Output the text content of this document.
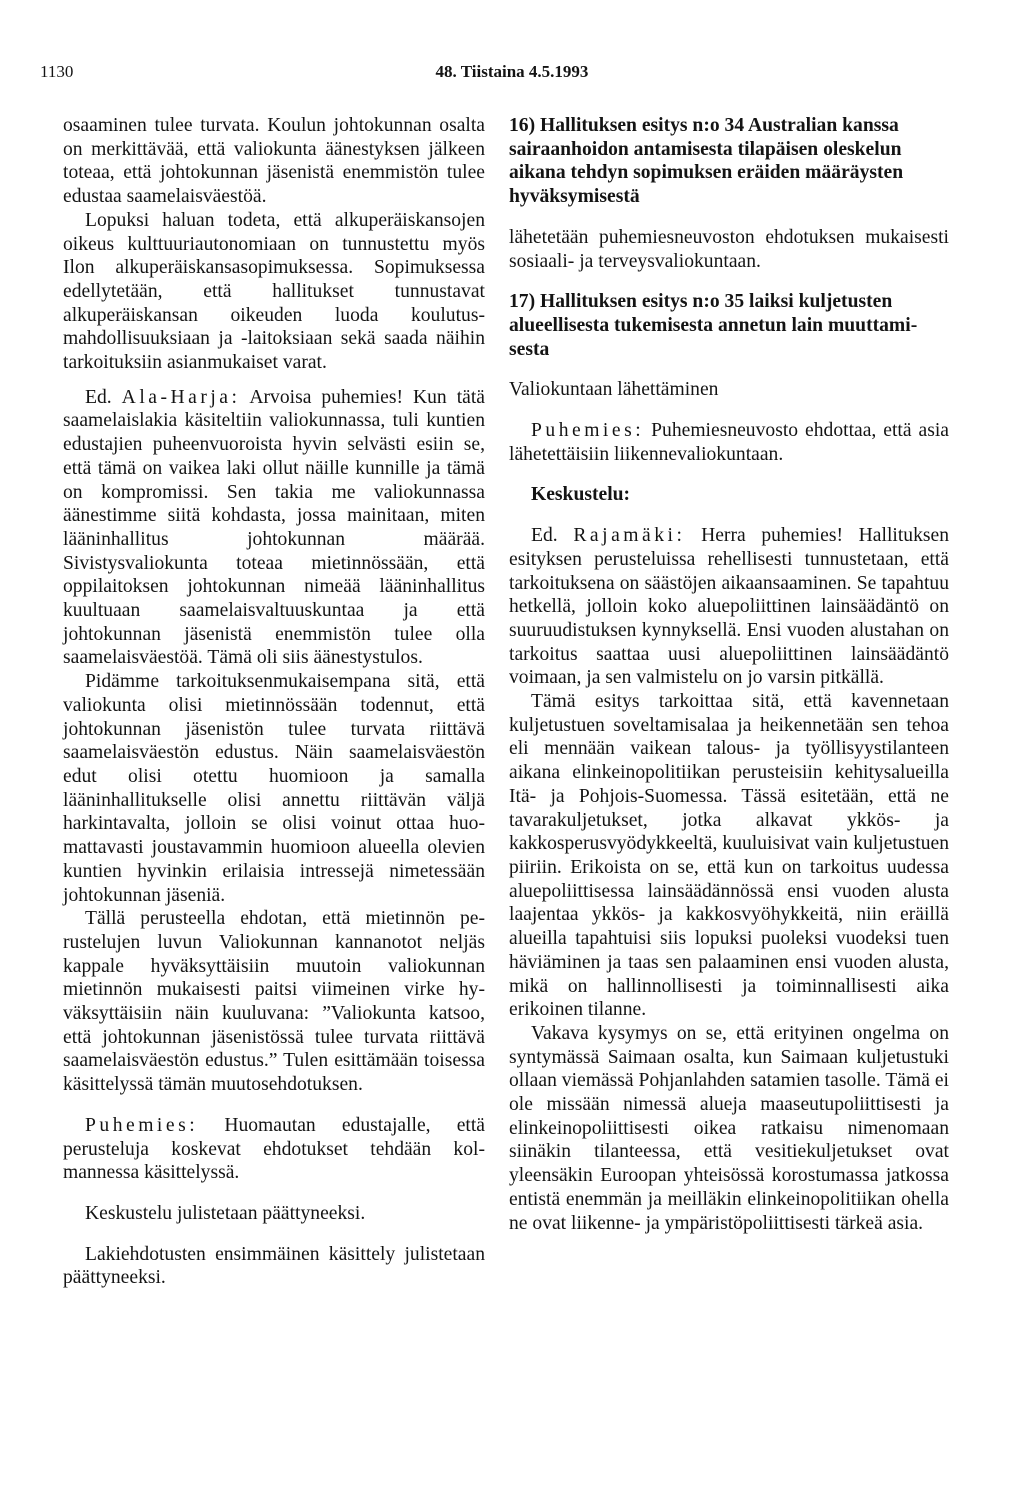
1130	48. Tiistaina 4.5.1993

osaaminen tulee turvata. Koulun johtokunnan osalta on merkittävää, että valiokunta äänestyksen jälkeen toteaa, että johtokunnan jäsenistä enemmistön tulee edustaa saamelaisväestöä.

Lopuksi haluan todeta, että alkuperäiskansojen oikeus kulttuuriautonomiaan on tunnustettu myös Ilon alkuperäiskansasopimuksessa. Sopimuksessa edellytetään, että hallitukset tunnustavat alkuperäiskansan oikeuden luoda koulutusmahdollisuuksiaan ja -laitoksiaan sekä saada näihin tarkoituksiin asianmukaiset varat.

Ed. Ala-Harja: Arvoisa puhemies! Kun tätä saamelaislakia käsiteltiin valiokunnassa, tuli kuntien edustajien puheenvuoroista hyvin selvästi esiin se, että tämä on vaikea laki ollut näille kunnille ja tämä on kompromissi. Sen takia me valiokunnassa äänestimme siitä kohdasta, jossa mainitaan, miten lääninhallitus johtokunnan määrää. Sivistysvaliokunta toteaa mietinnössään, että oppilaitoksen johtokunnan nimeää lääninhallitus kuultuaan saamelaisvaltuuskuntaa ja että johtokunnan jäsenistä enemmistön tulee olla saamelaisväestöä. Tämä oli siis äänestystulos.

Pidämme tarkoituksenmukaisempana sitä, että valiokunta olisi mietinnössään todennut, että johtokunnan jäsenistön tulee turvata riittävä saamelaisväestön edustus. Näin saamelaisväestön edut olisi otettu huomioon ja samalla lääninhallitukselle olisi annettu riittävän väljä harkintavalta, jolloin se olisi voinut ottaa huomattavasti joustavammin huomioon alueella olevien kuntien hyvinkin erilaisia intressejä nimetessään johtokunnan jäseniä.

Tällä perusteella ehdotan, että mietinnön perustelujen luvun Valiokunnan kannanotot neljäs kappale hyväksyttäisiin muutoin valiokunnan mietinnön mukaisesti paitsi viimeinen virke hyväksyttäisiin näin kuuluvana: ”Valiokunta katsoo, että johtokunnan jäsenistössä tulee turvata riittävä saamelaisväestön edustus.” Tulen esittämään toisessa käsittelyssä tämän muutosehdotuksen.

Puhemies: Huomautan edustajalle, että perusteluja koskevat ehdotukset tehdään kolmannessa käsittelyssä.

Keskustelu julistetaan päättyneeksi.

Lakiehdotusten ensimmäinen käsittely julistetaan päättyneeksi.

16) Hallituksen esitys n:o 34 Australian kanssa sairaanhoidon antamisesta tilapäisen oleskelun aikana tehdyn sopimuksen eräiden määräysten hyväksymisestä

lähetetään puhemiesneuvoston ehdotuksen mukaisesti sosiaali- ja terveysvaliokuntaan.

17) Hallituksen esitys n:o 35 laiksi kuljetusten alueellisesta tukemisesta annetun lain muuttamisesta

Valiokuntaan lähettäminen

Puhemies: Puhemiesneuvosto ehdottaa, että asia lähetettäisiin liikennevaliokuntaan.

Keskustelu:

Ed. Rajamäki: Herra puhemies! Hallituksen esityksen perusteluissa rehellisesti tunnustetaan, että tarkoituksena on säästöjen aikaansaaminen. Se tapahtuu hetkellä, jolloin koko aluepoliittinen lainsäädäntö on suuruudistuksen kynnyksellä. Ensi vuoden alustahan on tarkoitus saattaa uusi aluepoliittinen lainsäädäntö voimaan, ja sen valmistelu on jo varsin pitkällä.

Tämä esitys tarkoittaa sitä, että kavennetaan kuljetustuen soveltamisalaa ja heikennetään sen tehoa eli mennään vaikean talous- ja työllisyystilanteen aikana elinkeinopolitiikan perusteisiin kehitysalueilla Itä- ja Pohjois-Suomessa. Tässä esitetään, että ne tavarakuljetukset, jotka alkavat ykkös- ja kakkosperusvyödykkeeltä, kuuluisivat vain kuljetustuen piiriin. Erikoista on se, että kun on tarkoitus uudessa aluepoliittisessa lainsäädännössä ensi vuoden alusta laajentaa ykkös- ja kakkosvyöhykkeitä, niin eräillä alueilla tapahtuisi siis lopuksi puoleksi vuodeksi tuen häviäminen ja taas sen palaaminen ensi vuoden alusta, mikä on hallinnollisesti ja toiminnallisesti aika erikoinen tilanne.

Vakava kysymys on se, että erityinen ongelma on syntymässä Saimaan osalta, kun Saimaan kuljetustuki ollaan viemässä Pohjanlahden satamien tasolle. Tämä ei ole missään nimessä alueja maaseutupoliittisesti ja elinkeinopoliittisesti oikea ratkaisu nimenomaan siinäkin tilanteessa, että vesitiekuljetukset ovat yleensäkin Euroopan yhteisössä korostumassa jatkossa entistä enemmän ja meilläkin elinkeinopolitiikan ohella ne ovat liikenne- ja ympäristöpoliittisesti tärkeä asia.
